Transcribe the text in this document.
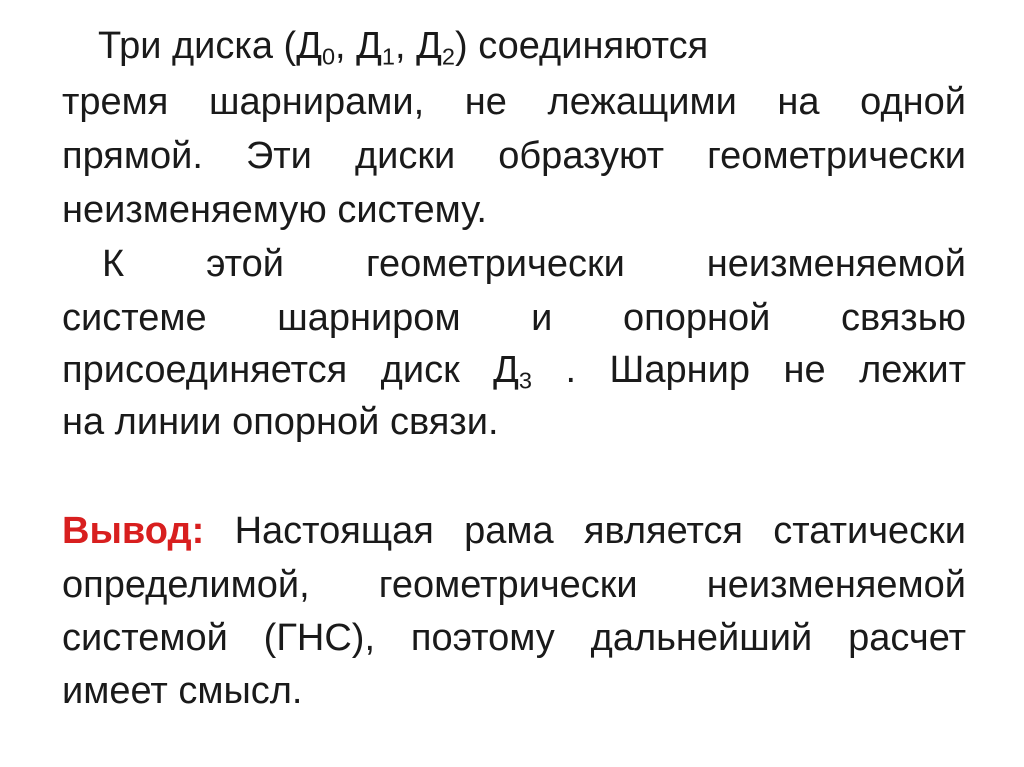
Три диска ($Д_0$, $Д_1$, $Д_2$) соединяются

тремя шарнирами, не лежащими на одной

прямой. Эти диски образуют геометрически

неизменяемую систему.

К этой геометрически неизменяемой

системе шарниром и опорной связью

присоединяется диск $Д_3$ . Шарнир не лежит

на линии опорной связи.

Вывод: Настоящая рама является статически

определимой, геометрически неизменяемой

системой (ГНС), поэтому дальнейший расчет

имеет смысл.
